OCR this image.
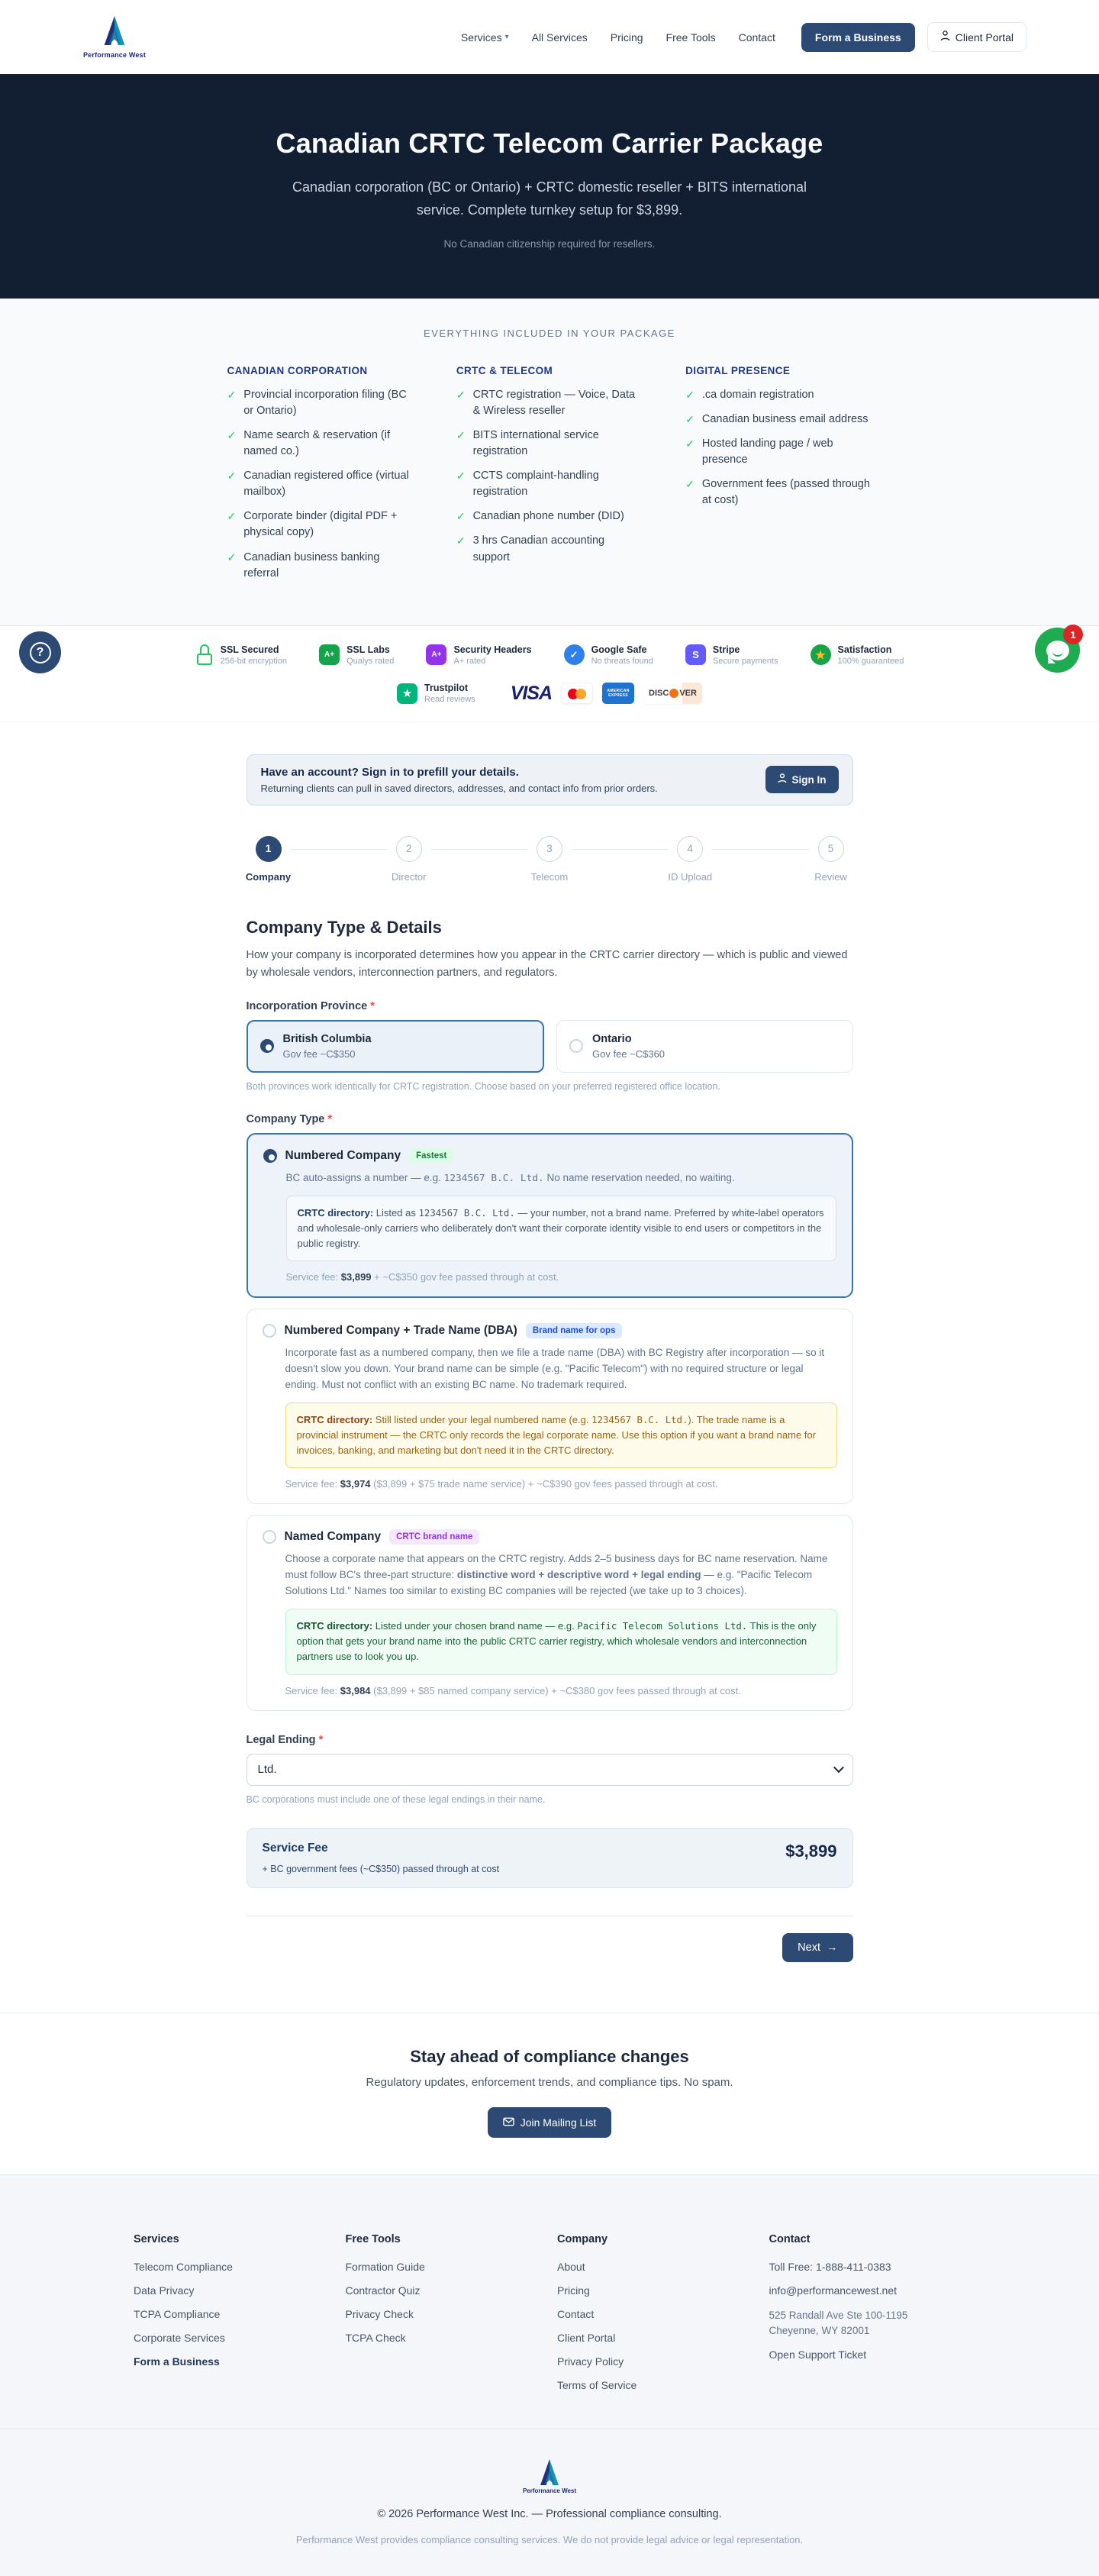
Performance West
Services ▾ All Services Pricing Free Tools Contact	Form a Business	Client Portal
Canadian CRTC Telecom Carrier Package

Canadian corporation (BC or Ontario) + CRTC domestic reseller + BITS international service. Complete turnkey setup for $3,899.

No Canadian citizenship required for resellers.

EVERYTHING INCLUDED IN YOUR PACKAGE
CANADIAN CORPORATION
✓ Provincial incorporation filing (BC or Ontario)
✓ Name search & reservation (if named co.)
✓ Canadian registered office (virtual mailbox)
✓ Corporate binder (digital PDF + physical copy)
✓ Canadian business banking referral
CRTC & TELECOM
✓ CRTC registration — Voice, Data & Wireless reseller
✓ BITS international service registration
✓ CCTS complaint-handling registration
✓ Canadian phone number (DID)
✓ 3 hrs Canadian accounting support
DIGITAL PRESENCE
✓ .ca domain registration
✓ Canadian business email address
✓ Hosted landing page / web presence
✓ Government fees (passed through at cost)
SSL Secured
256-bit encryption
A+	SSL Labs
Qualys rated
A+	Security Headers
A+ rated
✓	Google Safe
No threats found
S	Stripe
Secure payments	★	Satisfaction
100% guaranteed
★	Trustpilot
Read reviews VISA	AMERICAN
EXPRESS DISC VER
?
1
Have an account? Sign in to prefill your details.
Returning clients can pull in saved directors, addresses, and contact info from prior orders.
Sign In
1
Company
2
Director
3
Telecom
4
ID Upload
5
Review
Company Type & Details

How your company is incorporated determines how you appear in the CRTC carrier directory — which is public and viewed by wholesale vendors, interconnection partners, and regulators.

Incorporation Province *
British Columbia
Gov fee ~C$350
Ontario
Gov fee ~C$360
Both provinces work identically for CRTC registration. Choose based on your preferred registered office location.
Company Type *
Numbered Company	Fastest

BC auto-assigns a number — e.g. 1234567 B.C. Ltd. No name reservation needed, no waiting.

CRTC directory: Listed as 1234567 B.C. Ltd. — your number, not a brand name. Preferred by white-label operators and wholesale-only carriers who deliberately don't want their corporate identity visible to end users or competitors in the public registry.
Service fee: $3,899 + ~C$350 gov fee passed through at cost.
Numbered Company + Trade Name (DBA)	Brand name for ops

Incorporate fast as a numbered company, then we file a trade name (DBA) with BC Registry after incorporation — so it doesn't slow you down. Your brand name can be simple (e.g. "Pacific Telecom") with no required structure or legal ending. Must not conflict with an existing BC name. No trademark required.

CRTC directory: Still listed under your legal numbered name (e.g. 1234567 B.C. Ltd.). The trade name is a provincial instrument — the CRTC only records the legal corporate name. Use this option if you want a brand name for invoices, banking, and marketing but don't need it in the CRTC directory.
Service fee: $3,974 ($3,899 + $75 trade name service) + ~C$390 gov fees passed through at cost.
Named Company	CRTC brand name

Choose a corporate name that appears on the CRTC registry. Adds 2–5 business days for BC name reservation. Name must follow BC's three-part structure: distinctive word + descriptive word + legal ending — e.g. "Pacific Telecom Solutions Ltd." Names too similar to existing BC companies will be rejected (we take up to 3 choices).

CRTC directory: Listed under your chosen brand name — e.g. Pacific Telecom Solutions Ltd. This is the only option that gets your brand name into the public CRTC carrier registry, which wholesale vendors and interconnection partners use to look you up.
Service fee: $3,984 ($3,899 + $85 named company service) + ~C$380 gov fees passed through at cost.
Legal Ending *
Ltd.
BC corporations must include one of these legal endings in their name.
Service Fee
+ BC government fees (~C$350) passed through at cost
$3,899
Next →
Stay ahead of compliance changes

Regulatory updates, enforcement trends, and compliance tips. No spam.

Join Mailing List
Services
Telecom Compliance
Data Privacy
TCPA Compliance
Corporate Services
Form a Business
Free Tools
Formation Guide
Contractor Quiz
Privacy Check
TCPA Check
Company
About
Pricing
Contact
Client Portal
Privacy Policy
Terms of Service
Contact
Toll Free: 1-888-411-0383
info@performancewest.net
525 Randall Ave Ste 100-1195
Cheyenne, WY 82001
Open Support Ticket
Performance West
© 2026 Performance West Inc. — Professional compliance consulting.
Performance West provides compliance consulting services. We do not provide legal advice or legal representation.
